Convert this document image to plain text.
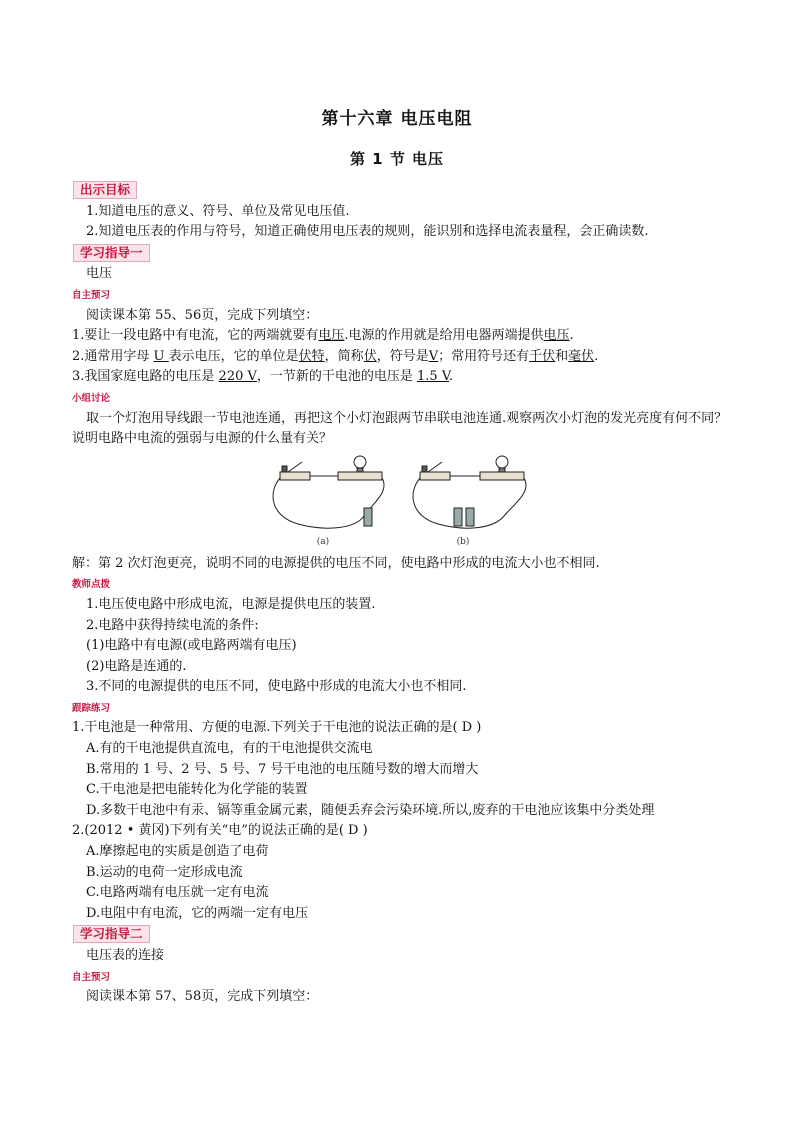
第十六章 电压电阻
第 1 节 电压
出示目标
1.知道电压的意义、符号、单位及常见电压值.
2.知道电压表的作用与符号，知道正确使用电压表的规则，能识别和选择电流表量程，会正确读数.
学习指导一
电压
自主预习
阅读课本第 55、56页，完成下列填空：
1.要让一段电路中有电流，它的两端就要有电压.电源的作用就是给用电器两端提供电压.
2.通常用字母 U 表示电压，它的单位是伏特，简称伏，符号是V；常用符号还有千伏和毫伏.
3.我国家庭电路的电压是 220 V，一节新的干电池的电压是 1.5 V.
小组讨论
取一个灯泡用导线跟一节电池连通，再把这个小灯泡跟两节串联电池连通.观察两次小灯泡的发光亮度有何不同？说明电路中电流的强弱与电源的什么量有关？
(a)	(b)
解：第 2 次灯泡更亮，说明不同的电源提供的电压不同，使电路中形成的电流大小也不相同.
教师点拨
1.电压使电路中形成电流，电源是提供电压的装置.
2.电路中获得持续电流的条件:
(1)电路中有电源(或电路两端有电压)
(2)电路是连通的.
3.不同的电源提供的电压不同，使电路中形成的电流大小也不相同.
跟踪练习
1.干电池是一种常用、方便的电源.下列关于干电池的说法正确的是( D )
A.有的干电池提供直流电，有的干电池提供交流电
B.常用的 1 号、2 号、5 号、7 号干电池的电压随号数的增大而增大
C.干电池是把电能转化为化学能的装置
D.多数干电池中有汞、镉等重金属元素，随便丢弃会污染环境.所以,废弃的干电池应该集中分类处理
2.(2012 • 黄冈)下列有关“电”的说法正确的是( D )
A.摩擦起电的实质是创造了电荷
B.运动的电荷一定形成电流
C.电路两端有电压就一定有电流
D.电阻中有电流，它的两端一定有电压
学习指导二
电压表的连接
自主预习
阅读课本第 57、58页，完成下列填空：
